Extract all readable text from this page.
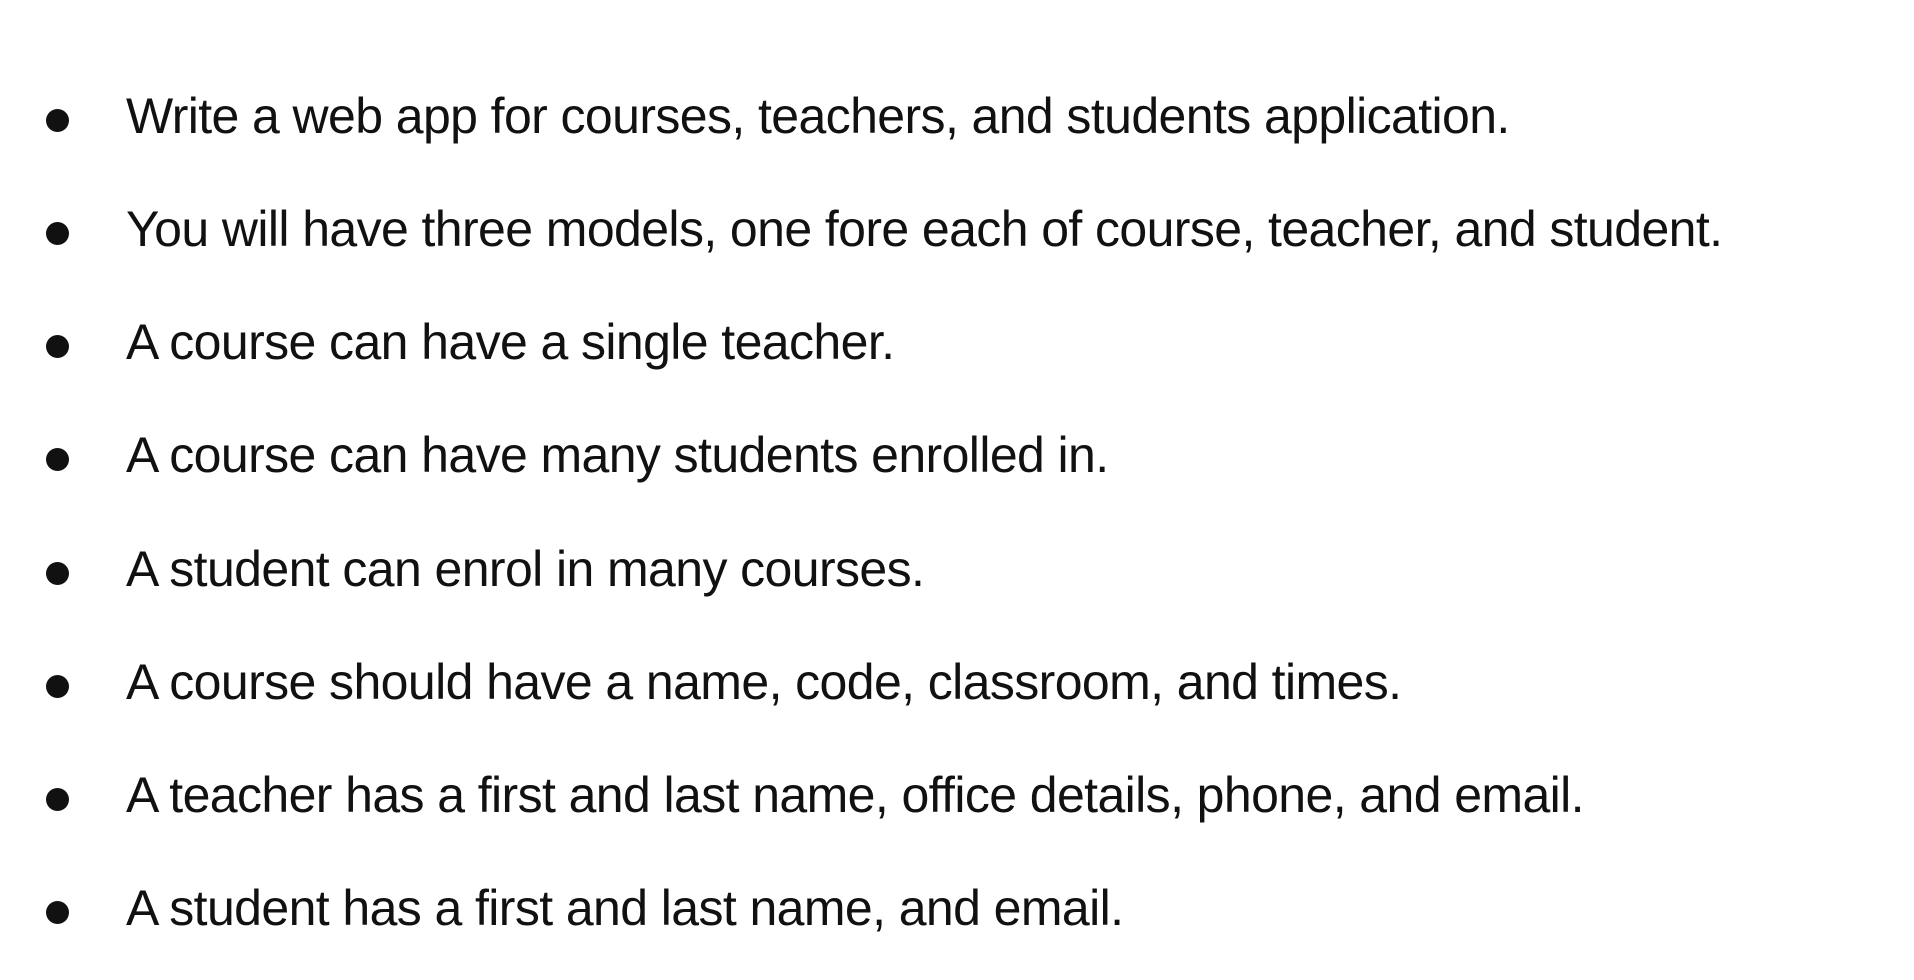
Write a web app for courses, teachers, and students application.
You will have three models, one fore each of course, teacher, and student.
A course can have a single teacher.
A course can have many students enrolled in.
A student can enrol in many courses.
A course should have a name, code, classroom, and times.
A teacher has a first and last name, office details, phone, and email.
A student has a first and last name, and email.
